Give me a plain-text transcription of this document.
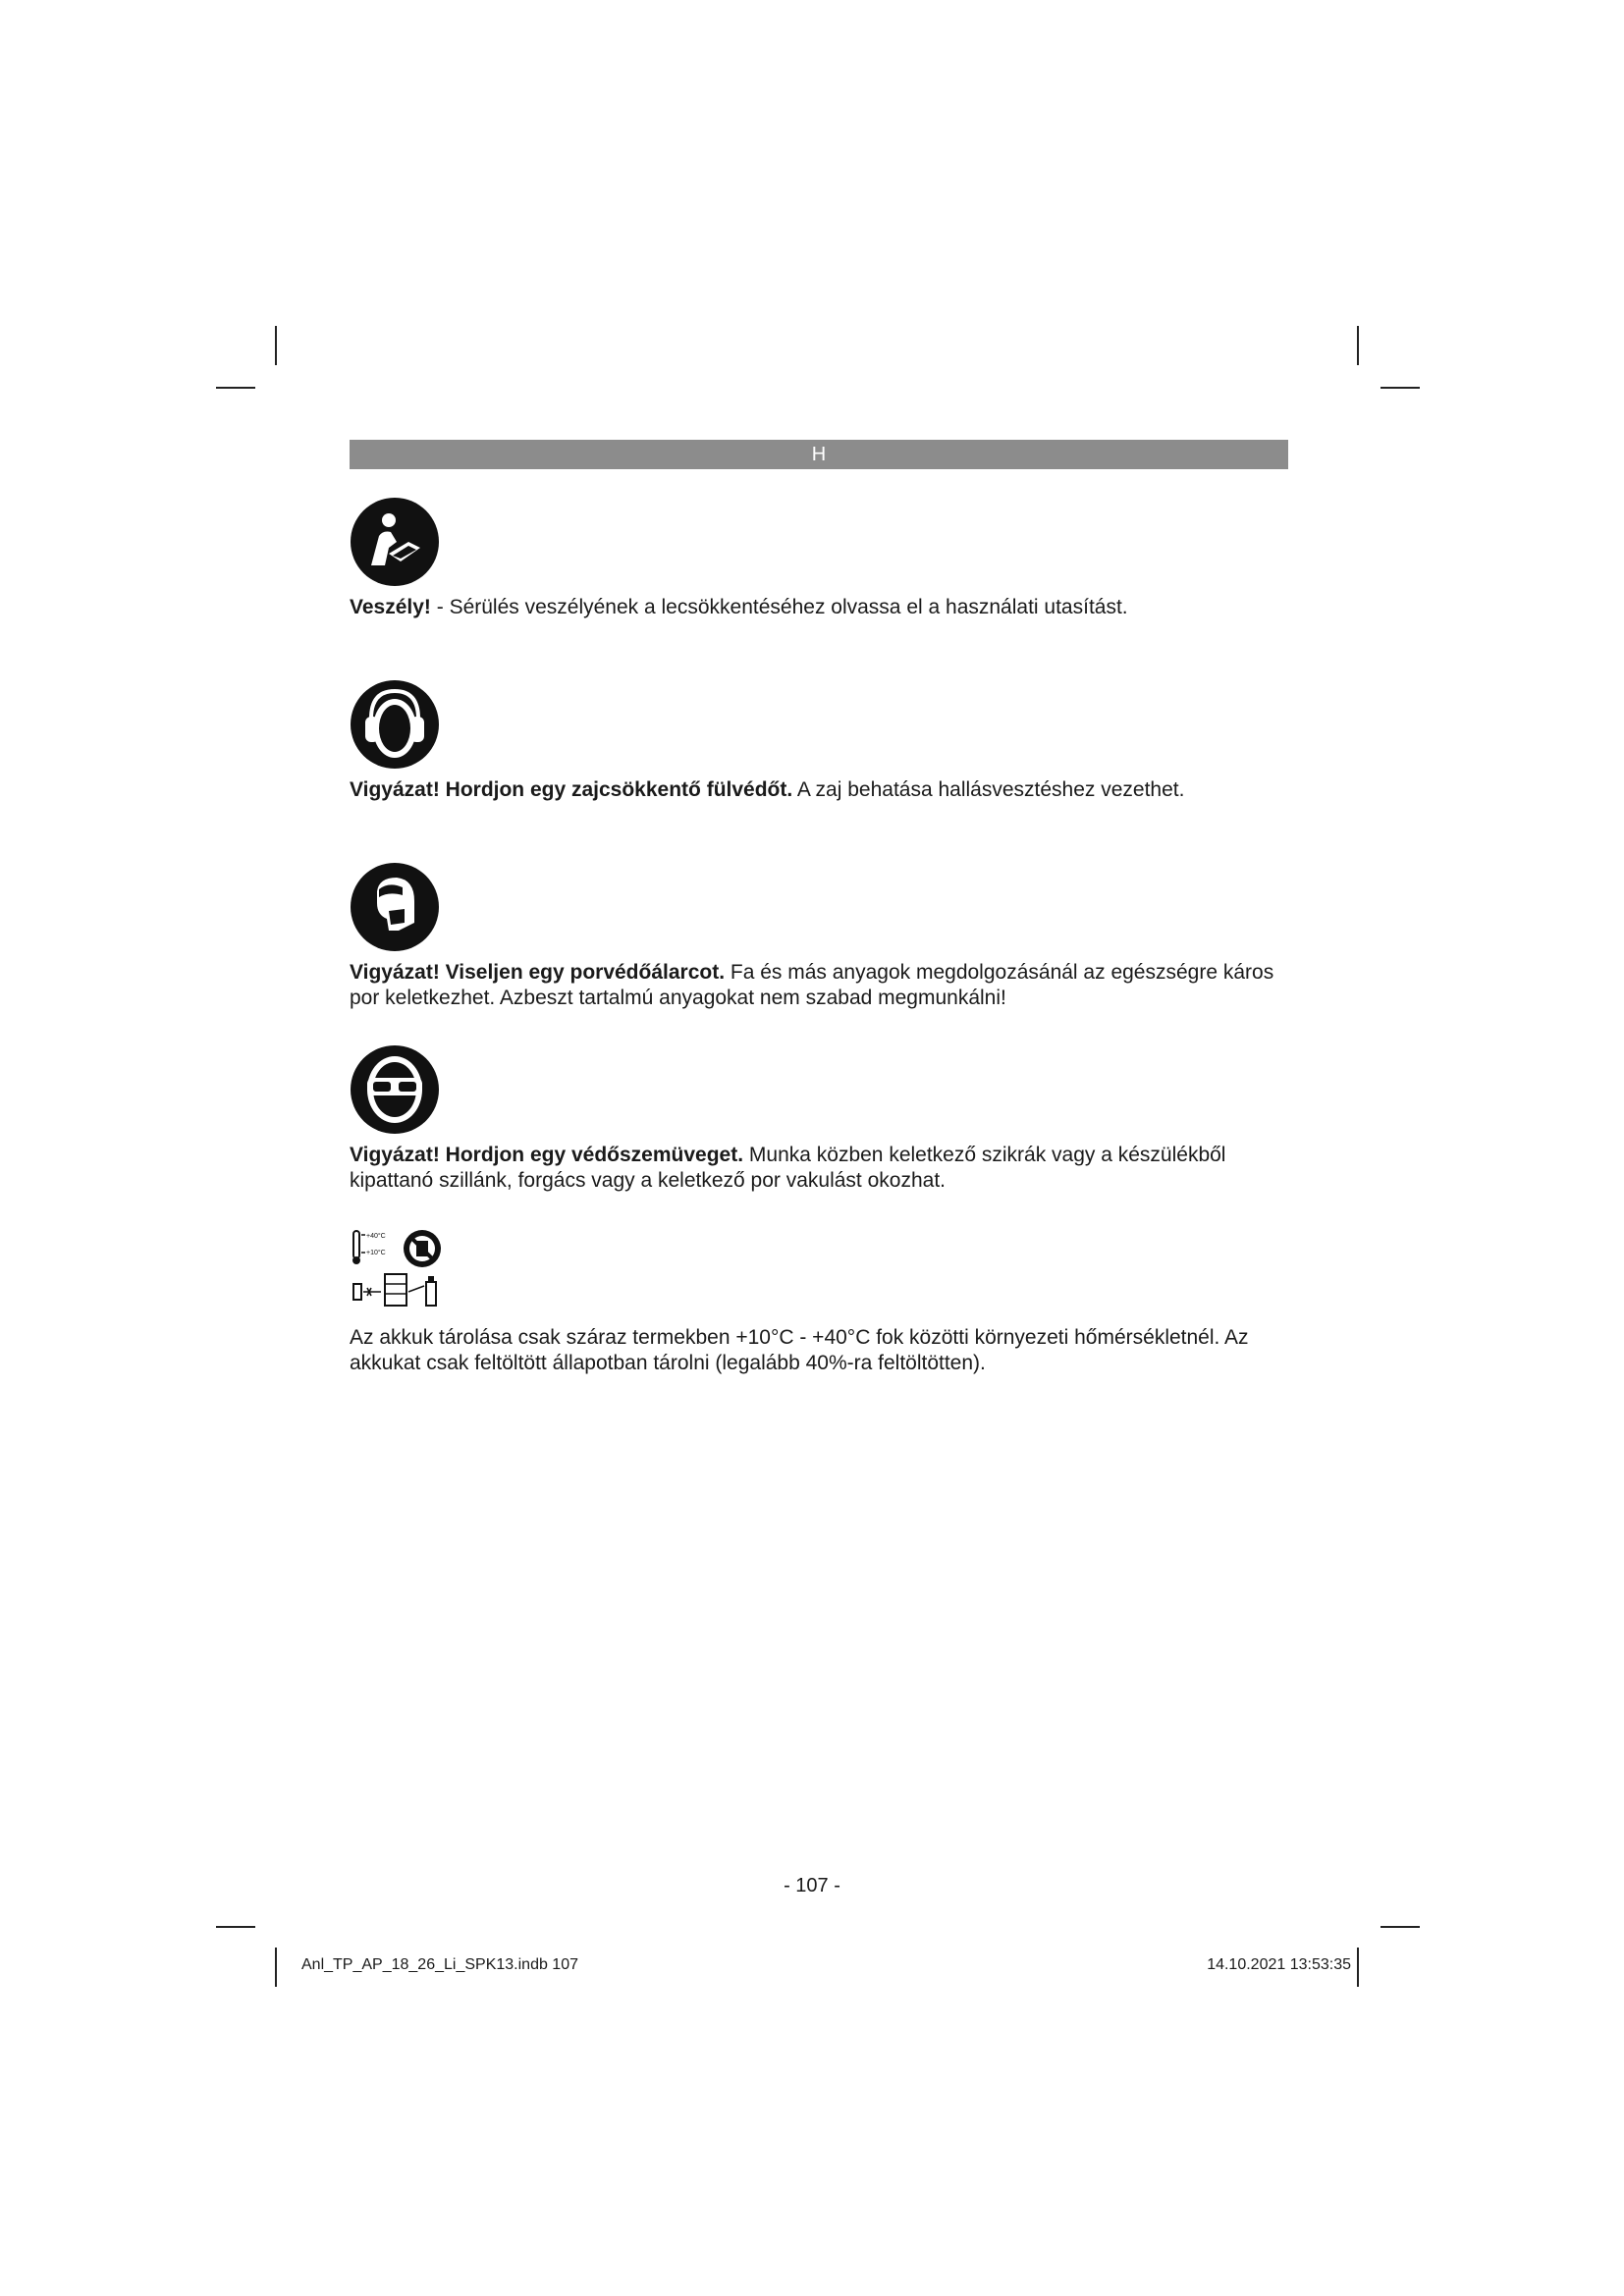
H

Veszély! - Sérülés veszélyének a lecsökkentéséhez olvassa el a használati utasítást.

Vigyázat! Hordjon egy zajcsökkentő fülvédőt. A zaj behatása hallásvesztéshez vezethet.

Vigyázat! Viseljen egy porvédőálarcot. Fa és más anyagok megdolgozásánál az egészségre káros por keletkezhet. Azbeszt tartalmú anyagokat nem szabad megmunkálni!

Vigyázat! Hordjon egy védőszemüveget. Munka közben keletkező szikrák vagy a készülékből kipattanó szillánk, forgács vagy a keletkező por vakulást okozhat.

+40°C
+10°C

Az akkuk tárolása csak száraz termekben +10°C - +40°C fok közötti környezeti hőmérsékletnél. Az akkukat csak feltöltött állapotban tárolni (legalább 40%-ra feltöltötten).

- 107 -
Anl_TP_AP_18_26_Li_SPK13.indb 107	14.10.2021 13:53:35
